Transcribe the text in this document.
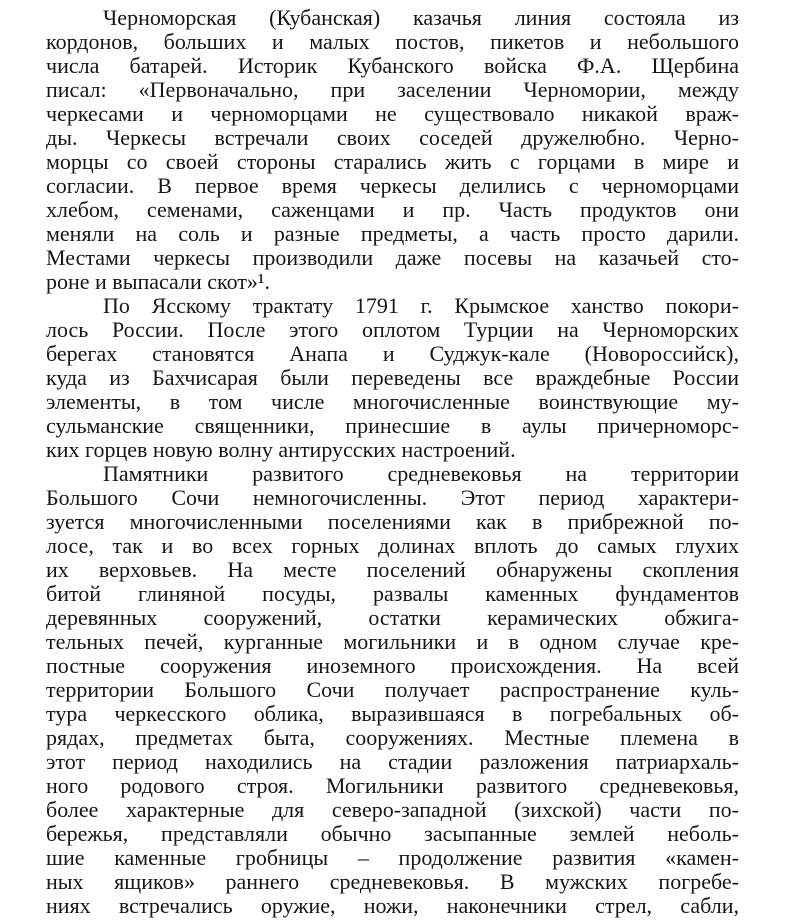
Черноморская (Кубанская) казачья линия состояла из
кордонов, больших и малых постов, пикетов и небольшого
числа батарей. Историк Кубанского войска Ф.А. Щербина
писал: «Первоначально, при заселении Черномории, между
черкесами и черноморцами не существовало никакой враж-
ды. Черкесы встречали своих соседей дружелюбно. Черно-
морцы со своей стороны старались жить с горцами в мире и
согласии. В первое время черкесы делились с черноморцами
хлебом, семенами, саженцами и пр. Часть продуктов они
меняли на соль и разные предметы, а часть просто дарили.
Местами черкесы производили даже посевы на казачьей сто-
роне и выпасали скот»¹.
По Ясскому трактату 1791 г. Крымское ханство покори-
лось России. После этого оплотом Турции на Черноморских
берегах становятся Анапа и Суджук-кале (Новороссийск),
куда из Бахчисарая были переведены все враждебные России
элементы, в том числе многочисленные воинствующие му-
сульманские священники, принесшие в аулы причерноморс-
ких горцев новую волну антирусских настроений.
Памятники развитого средневековья на территории
Большого Сочи немногочисленны. Этот период характери-
зуется многочисленными поселениями как в прибрежной по-
лосе, так и во всех горных долинах вплоть до самых глухих
их верховьев. На месте поселений обнаружены скопления
битой глиняной посуды, развалы каменных фундаментов
деревянных сооружений, остатки керамических обжига-
тельных печей, курганные могильники и в одном случае кре-
постные сооружения иноземного происхождения. На всей
территории Большого Сочи получает распространение куль-
тура черкесского облика, выразившаяся в погребальных об-
рядах, предметах быта, сооружениях. Местные племена в
этот период находились на стадии разложения патриархаль-
ного родового строя. Могильники развитого средневековья,
более характерные для северо-западной (зихской) части по-
бережья, представляли обычно засыпанные землей неболь-
шие каменные гробницы – продолжение развития «камен-
ных ящиков» раннего средневековья. В мужских погребе-
ниях встречались оружие, ножи, наконечники стрел, сабли,
